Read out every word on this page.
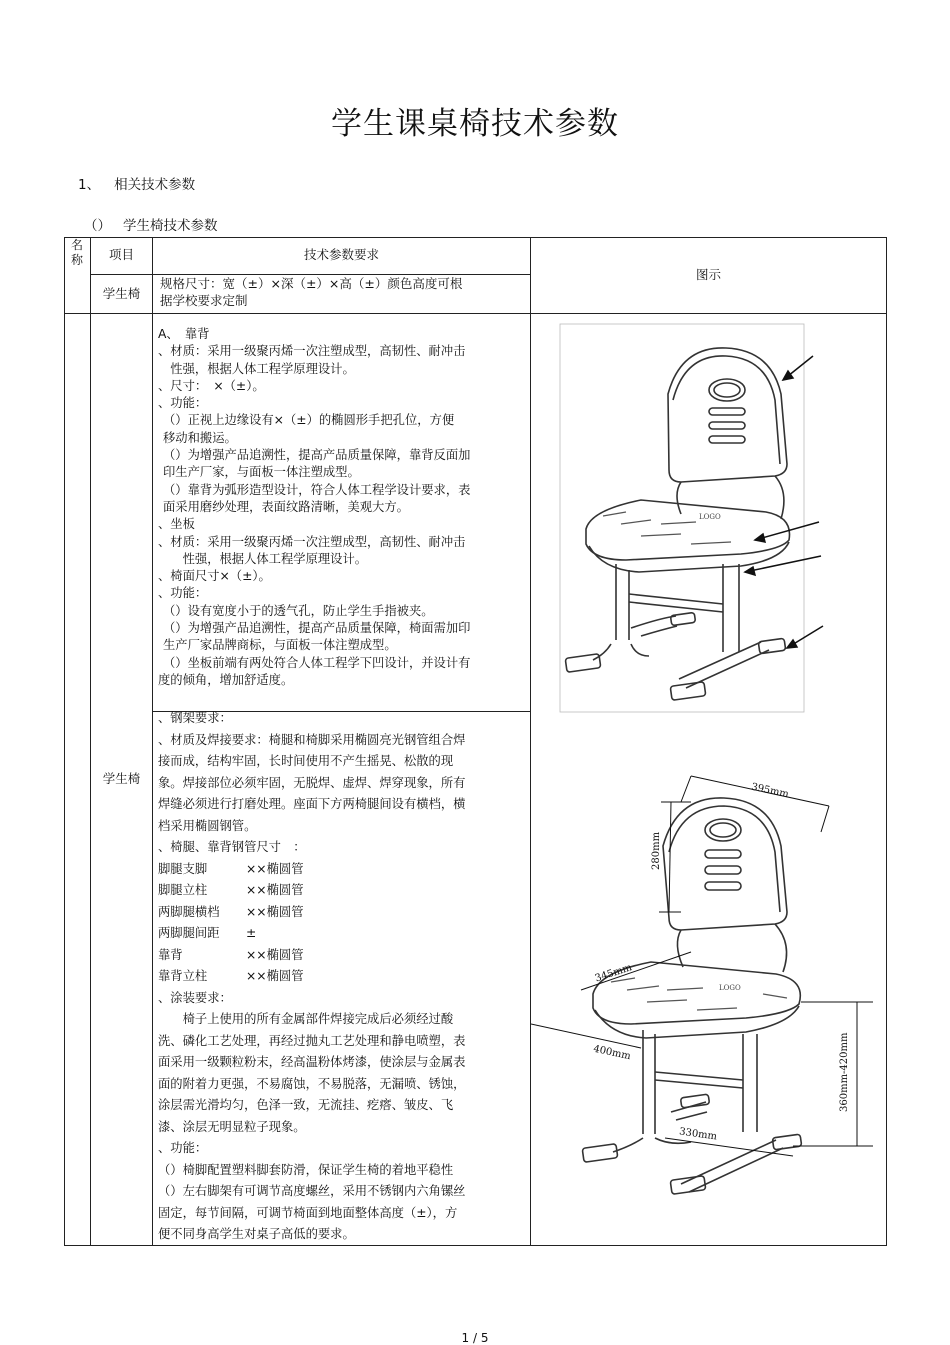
学生课桌椅技术参数
1、 相关技术参数
（） 学生椅技术参数
名称	项目	技术参数要求
图示
学生椅
规格尺寸：宽（±）×深（±）×高（±）颜色高度可根
据学校要求定制
学生椅
A、　靠背
、材质：采用一级聚丙烯一次注塑成型，高韧性、耐冲击
　性强，根据人体工程学原理设计。
、尺寸：　×（±）。
、功能：
（）正视上边缘设有×（±）的椭圆形手把孔位，方便
移动和搬运。
（）为增强产品追溯性，提高产品质量保障，靠背反面加
印生产厂家，与面板一体注塑成型。
（）靠背为弧形造型设计，符合人体工程学设计要求，表
面采用磨纱处理，表面纹路清晰，美观大方。
、坐板
、材质：采用一级聚丙烯一次注塑成型，高韧性、耐冲击
　　性强，根据人体工程学原理设计。
、椅面尺寸×（±）。
、功能：
（）设有宽度小于的透气孔，防止学生手指被夹。
（）为增强产品追溯性，提高产品质量保障，椅面需加印
生产厂家品牌商标，与面板一体注塑成型。
（）坐板前端有两处符合人体工程学下凹设计，并设计有
度的倾角，增加舒适度。
、钢架要求：
、材质及焊接要求：椅腿和椅脚采用椭圆亮光钢管组合焊
接而成，结构牢固，长时间使用不产生摇晃、松散的现
象。焊接部位必须牢固，无脱焊、虚焊、焊穿现象，所有
焊缝必须进行打磨处理。座面下方两椅腿间设有横档，横
档采用椭圆钢管。
、椅腿、靠背钢管尺寸　：
脚腿支脚	××椭圆管
脚腿立柱	××椭圆管
两脚腿横档 ××椭圆管
两脚腿间距 ±
靠背	××椭圆管
靠背立柱	××椭圆管
、涂装要求：
　　椅子上使用的所有金属部件焊接完成后必须经过酸
洗、磷化工艺处理，再经过抛丸工艺处理和静电喷塑，表
面采用一级颗粒粉末，经高温粉体烤漆，使涂层与金属表
面的附着力更强，不易腐蚀，不易脱落，无漏喷、锈蚀，
涂层需光滑均匀，色泽一致，无流挂、疙瘩、皱皮、飞
漆、涂层无明显粒子现象。
、功能：
（）椅脚配置塑料脚套防滑，保证学生椅的着地平稳性
（）左右脚架有可调节高度螺丝，采用不锈钢内六角镙丝
固定，每节间隔，可调节椅面到地面整体高度（±），方
便不同身高学生对桌子高低的要求。
LOGO
LOGO
395mm
280mm
345mm
400mm
330mm
360mm-420mm
1 / 5
